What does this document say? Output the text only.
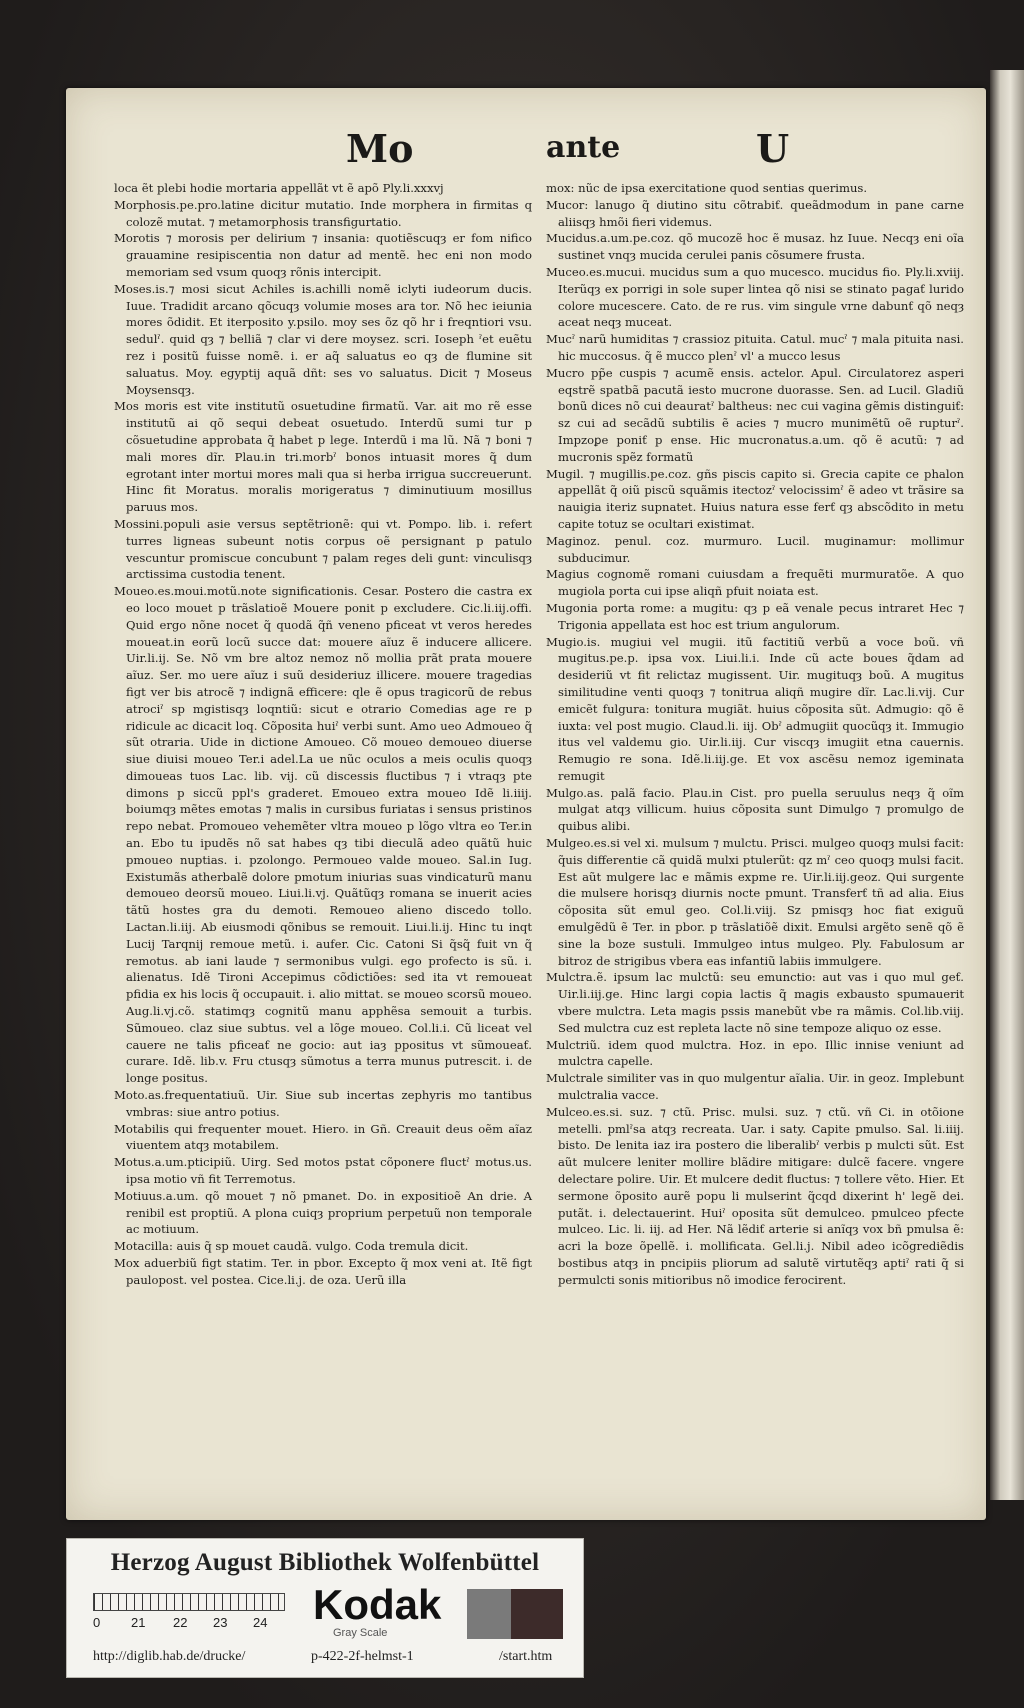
Mo	ante	U

loca ẽt plebi hodie mortaria appellãt vt ẽ apõ Ply.li.xxxvj

Morphosis.pe.pro.latine dicitur mutatio. Inde morphera in firmitas q colozẽ mutat. ⁊ metamorphosis transfigurtatio.

Morotis ⁊ morosis per delirium ⁊ insania: quotiẽscuqȝ er fom nifico grauamine resipiscentia non datur ad mentẽ. hec eni non modo memoriam sed vsum quoqȝ rõnis intercipit.

Moses.is.⁊ mosi sicut Achiles is.achilli nomẽ iclyti iudeorum ducis. Iuue. Tradidit arcano qõcuqȝ volumie moses ara tor. Nõ hec ieiunia mores õdidit. Et iterposito y.psilo. moy ses õz qõ hr i freqntiori vsu. sedulˀ. quid qȝ ⁊ belliã ⁊ clar vi dere moysez. scri. Ioseph ˀet euẽtu rez i positũ fuisse nomẽ. i. er aq̃ saluatus eo qȝ de flumine sit saluatus. Moy. egyptij aquã dñt: ses vo saluatus. Dicit ⁊ Moseus Moysensqȝ.

Mos moris est vite institutũ osuetudine firmatũ. Var. ait mo rẽ esse institutũ ai qõ sequi debeat osuetudo. Interdũ sumi tur p cõsuetudine approbata q̃ habet p lege. Interdũ i ma lũ. Nã ⁊ boni ⁊ mali mores dĩr. Plau.in tri.morbˀ bonos intuasit mores q̃ dum egrotant inter mortui mores mali qua si herba irrigua succreuerunt. Hinc fit Moratus. moralis morigeratus ⁊ diminutiuum mosillus paruus mos.

Mossini.populi asie versus septẽtrionẽ: qui vt. Pompo. lib. i. refert turres ligneas subeunt notis corpus oẽ persignant p patulo vescuntur promiscue concubunt ⁊ palam reges deli gunt: vinculisqȝ arctissima custodia tenent.

Moueo.es.moui.motũ.note significationis. Cesar. Postero die castra ex eo loco mouet p trãslatioẽ Mouere ponit p excludere. Cic.li.iij.offi. Quid ergo nõne nocet q̃ quodã q̃ñ veneno pficeat vt veros heredes moueat.in eorũ locũ succe dat: mouere aĩuz ẽ inducere allicere. Uir.li.ij. Se. Nõ vm bre altoz nemoz nõ mollia prãt prata mouere aĩuz. Ser. mo uere aĩuz i suũ desideriuz illicere. mouere tragedias figt ver bis atrocẽ ⁊ indignã efficere: qle ẽ opus tragicorũ de rebus atrociˀ sp mgistisqȝ loqntiũ: sicut e otrario Comedias age re p ridicule ac dicacit loq. Cõposita huiˀ verbi sunt. Amo ueo Admoueo q̃ sũt otraria. Uide in dictione Amoueo. Cõ moueo demoueo diuerse siue diuisi moueo Ter.i adel.La ue nũc oculos a meis oculis quoqȝ dimoueas tuos Lac. lib. vij. cũ discessis fluctibus ⁊ i vtraqȝ pte dimons p siccũ ppl's graderet. Emoueo extra moueo Idẽ li.iiij. boiumqȝ mẽtes emotas ⁊ malis in cursibus furiatas i sensus pristinos repo nebat. Promoueo vehemẽter vltra moueo p lõgo vltra eo Ter.in an. Ebo tu ipudẽs nõ sat habes qȝ tibi dieculã adeo quãtũ huic pmoueo nuptias. i. pzolongo. Permoueo valde moueo. Sal.in Iug. Existumãs atherbalẽ dolore pmotum iniurias suas vindicaturũ manu demoueo deorsũ moueo. Liui.li.vj. Quãtũqȝ romana se inuerit acies tãtũ hostes gra du demoti. Remoueo alieno discedo tollo. Lactan.li.iij. Ab eiusmodi qõnibus se remouit. Liui.li.ij. Hinc tu inqt Lucij Tarqnij remoue metũ. i. aufer. Cic. Catoni Si q̃sq̃ fuit vn q̃ remotus. ab iani laude ⁊ sermonibus vulgi. ego profecto is sũ. i. alienatus. Idẽ Tironi Accepimus cõdictiões: sed ita vt remoueat pfidia ex his locis q̃ occupauit. i. alio mittat. se moueo scorsũ moueo. Aug.li.vj.cõ. statimqȝ cognitũ manu apphẽsa semouit a turbis. Sũmoueo. claz siue subtus. vel a lõge moueo. Col.li.i. Cũ liceat vel cauere ne talis pficeaƭ ne gocio: aut iaȝ ppositus vt sũmoueaƭ. curare. Idẽ. lib.v. Fru ctusqȝ sũmotus a terra munus putrescit. i. de longe positus.

Moto.as.frequentatiuũ. Uir. Siue sub incertas zephyris mo tantibus vmbras: siue antro potius.

Motabilis qui frequenter mouet. Hiero. in Gñ. Creauit deus oẽm aĩaz viuentem atqȝ motabilem.

Motus.a.um.pticipiũ. Uirg. Sed motos pstat cõponere fluctˀ motus.us. ipsa motio vñ fit Terremotus.

Motiuus.a.um. qõ mouet ⁊ nõ pmanet. Do. in expositioẽ An drie. A renibil est proptiũ. A plona cuiqȝ proprium perpetuũ non temporale ac motiuum.

Motacilla: auis q̃ sp mouet caudã. vulgo. Coda tremula dicit.

Mox aduerbiũ figt statim. Ter. in pbor. Excepto q̃ mox veni at. Itẽ figt paulopost. vel postea. Cice.li.j. de oza. Uerũ illa

mox: nũc de ipsa exercitatione quod sentias querimus.

Mucor: lanugo q̃ diutino situ cõtrabiƭ. queãdmodum in pane carne aliisqȝ hmõi fieri videmus.

Mucidus.a.um.pe.coz. qõ mucozẽ hoc ẽ musaz. hz Iuue. Necqȝ eni oĩa sustinet vnqȝ mucida cerulei panis cõsumere frusta.

Muceo.es.mucui. mucidus sum a quo mucesco. mucidus fio. Ply.li.xviij. Iterũqȝ ex porrigi in sole super lintea qõ nisi se stinato pagaƭ lurido colore mucescere. Cato. de re rus. vim singule vrne dabunƭ qõ neqȝ aceat neqȝ muceat.

Mucˀ narũ humiditas ⁊ crassioz pituita. Catul. mucˀ ⁊ mala pituita nasi. hic muccosus. q̃ ẽ mucco plenˀ vl' a mucco lesus

Mucro pp̃e cuspis ⁊ acumẽ ensis. actelor. Apul. Circulatorez asperi eqstrẽ spatbã pacutã iesto mucrone duorasse. Sen. ad Lucil. Gladiũ bonũ dices nõ cui deauratˀ baltheus: nec cui vagina gẽmis distinguiƭ: sz cui ad secãdũ subtilis ẽ acies ⁊ mucro munimẽtũ oẽ rupturˀ. Impzoꝑe poniƭ p ense. Hic mucronatus.a.um. qõ ẽ acutũ: ⁊ ad mucronis spẽz formatũ

Mugil. ⁊ mugillis.pe.coz. gñs piscis capito si. Grecia capite ce phalon appellãt q̃ oiũ piscũ squãmis itectozˀ velocissimˀ ẽ adeo vt trãsire sa nauigia iteriz supnatet. Huius natura esse ferƭ qȝ abscõdito in metu capite totuz se ocultari existimat.

Maginoz. penul. coz. murmuro. Lucil. muginamur: mollimur subducimur.

Magius cognomẽ romani cuiusdam a frequẽti murmuratõe. A quo mugiola porta cui ipse aliqñ pfuit noiata est.

Mugonia porta rome: a mugitu: qȝ p eã venale pecus intraret Hec ⁊ Trigonia appellata est hoc est trium angulorum.

Mugio.is. mugiui vel mugii. itũ factitiũ verbũ a voce boũ. vñ mugitus.pe.p. ipsa vox. Liui.li.i. Inde cũ acte boues q̃dam ad desideriũ vt fit relictaz mugissent. Uir. mugituqȝ boũ. A mugitus similitudine venti quoqȝ ⁊ tonitrua aliqñ mugire dĩr. Lac.li.vij. Cur emicẽt fulgura: tonitura mugiãt. huius cõposita sũt. Admugio: qõ ẽ iuxta: vel post mugio. Claud.li. iij. Obˀ admugiit quocũqȝ it. Immugio itus vel valdemu gio. Uir.li.iij. Cur viscqȝ imugiit etna cauernis. Remugio re sona. Idẽ.li.iij.ge. Et vox ascẽsu nemoz igeminata remugit

Mulgo.as. palã facio. Plau.in Cist. pro puella seruulus neqȝ q̃ oĩm mulgat atqȝ villicum. huius cõposita sunt Dimulgo ⁊ promulgo de quibus alibi.

Mulgeo.es.si vel xi. mulsum ⁊ mulctu. Prisci. mulgeo quoqȝ mulsi facit: q̃uis differentie cã quidã mulxi ptulerũt: qz mˀ ceo quoqȝ mulsi facit. Est aũt mulgere lac e mãmis expme re. Uir.li.iij.geoz. Qui surgente die mulsere horisqȝ diurnis nocte pmunt. Transferƭ tñ ad alia. Eius cõposita sũt emul geo. Col.li.viij. Sz pmisqȝ hoc fiat exiguũ emulgẽdũ ẽ Ter. in pbor. p trãslatiõẽ dixit. Emulsi argẽto senẽ qõ ẽ sine la boze sustuli. Immulgeo intus mulgeo. Ply. Fabulosum ar bitroz de strigibus vbera eas infantiũ labiis immulgere.

Mulctra.ẽ. ipsum lac mulctũ: seu emunctio: aut vas i quo mul geƭ. Uir.li.iij.ge. Hinc largi copia lactis q̃ magis exbausto spumauerit vbere mulctra. Leta magis pssis manebũt vbe ra mãmis. Col.lib.viij. Sed mulctra cuz est repleta lacte nõ sine tempoze aliquo oz esse.

Mulctriũ. idem quod mulctra. Hoz. in epo. Illic innise veniunt ad mulctra capelle.

Mulctrale similiter vas in quo mulgentur aĩalia. Uir. in geoz. Implebunt mulctralia vacce.

Mulceo.es.si. suz. ⁊ ctũ. Prisc. mulsi. suz. ⁊ ctũ. vñ Ci. in otõione metelli. pmlˀsa atqȝ recreata. Uar. i saty. Capite pmulso. Sal. li.iiij. bisto. De lenita iaz ira postero die liberalibˀ verbis p mulcti sũt. Est aũt mulcere leniter mollire blãdire mitigare: dulcẽ facere. vngere delectare polire. Uir. Et mulcere dedit fluctus: ⁊ tollere vẽto. Hier. Et sermone õposito aurẽ popu li mulserint q̃cqd dixerint h' legẽ dei. putãt. i. delectauerint. Huiˀ oposita sũt demulceo. pmulceo pfecte mulceo. Lic. li. iij. ad Her. Nã lẽdiƭ arterie si anĩqȝ vox bñ pmulsa ẽ: acri la boze õpellẽ. i. mollificata. Gel.li.j. Nibil adeo icõgrediẽdis bostibus atqȝ in pncipiis pliorum ad salutẽ virtutẽqȝ aptiˀ rati q̃ si permulcti sonis mitioribus nõ imodice ferocirent.

Herzog August Bibliothek Wolfenbüttel
0 21 22 23 24 Kodak
Gray Scale
http://diglib.hab.de/drucke/	p-422-2f-helmst-1	/start.htm
